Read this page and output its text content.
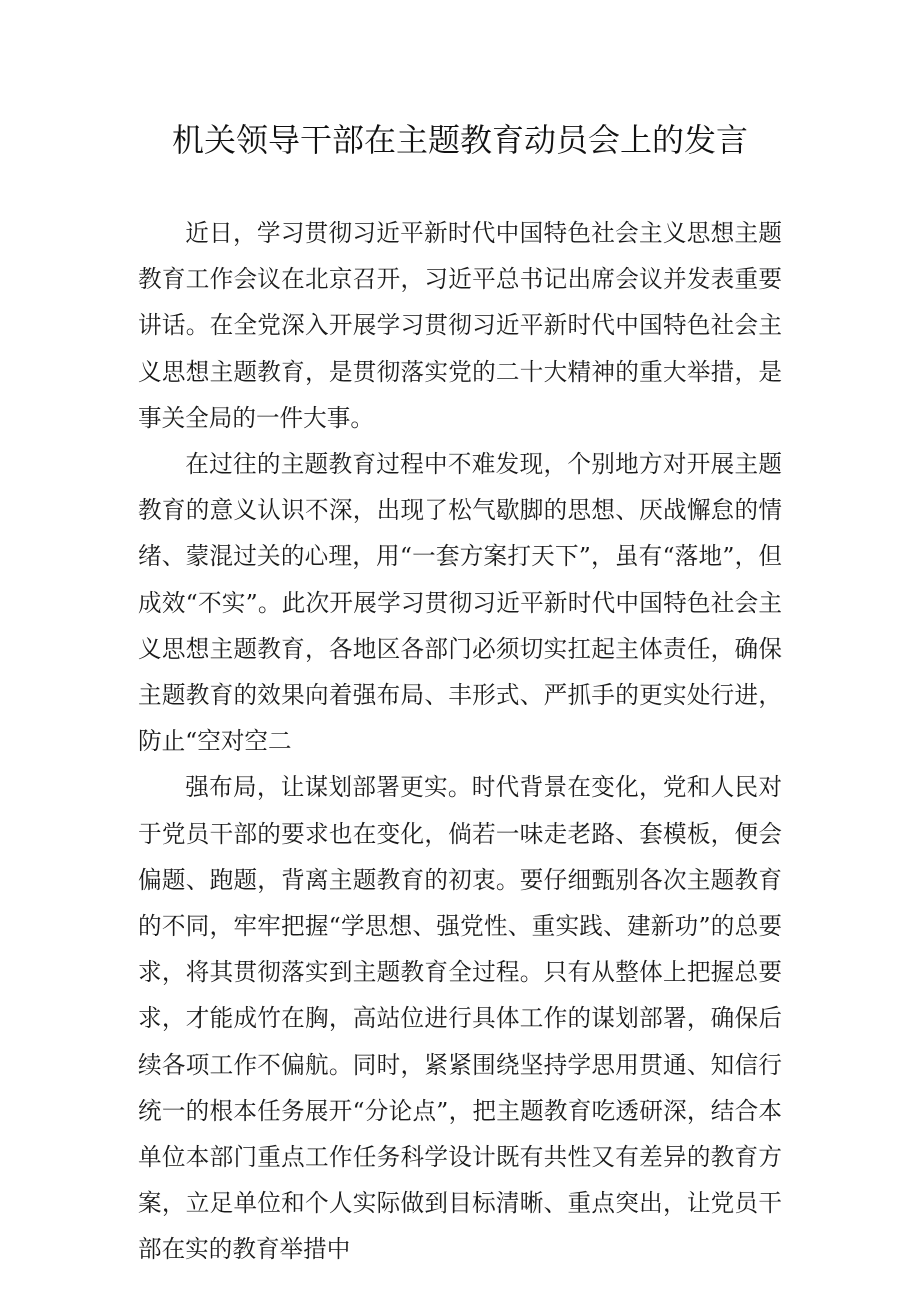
机关领导干部在主题教育动员会上的发言

近日，学习贯彻习近平新时代中国特色社会主义思想主题教育工作会议在北京召开，习近平总书记出席会议并发表重要讲话。在全党深入开展学习贯彻习近平新时代中国特色社会主义思想主题教育，是贯彻落实党的二十大精神的重大举措，是事关全局的一件大事。

在过往的主题教育过程中不难发现，个别地方对开展主题教育的意义认识不深，出现了松气歇脚的思想、厌战懈怠的情绪、蒙混过关的心理，用“一套方案打天下”，虽有“落地”，但成效“不实”。此次开展学习贯彻习近平新时代中国特色社会主义思想主题教育，各地区各部门必须切实扛起主体责任，确保主题教育的效果向着强布局、丰形式、严抓手的更实处行进，防止“空对空二

强布局，让谋划部署更实。时代背景在变化，党和人民对于党员干部的要求也在变化，倘若一味走老路、套模板，便会偏题、跑题，背离主题教育的初衷。要仔细甄别各次主题教育的不同，牢牢把握“学思想、强党性、重实践、建新功”的总要求，将其贯彻落实到主题教育全过程。只有从整体上把握总要求，才能成竹在胸，高站位进行具体工作的谋划部署，确保后续各项工作不偏航。同时，紧紧围绕坚持学思用贯通、知信行统一的根本任务展开“分论点”，把主题教育吃透研深，结合本单位本部门重点工作任务科学设计既有共性又有差异的教育方案，立足单位和个人实际做到目标清晰、重点突出，让党员干部在实的教育举措中
